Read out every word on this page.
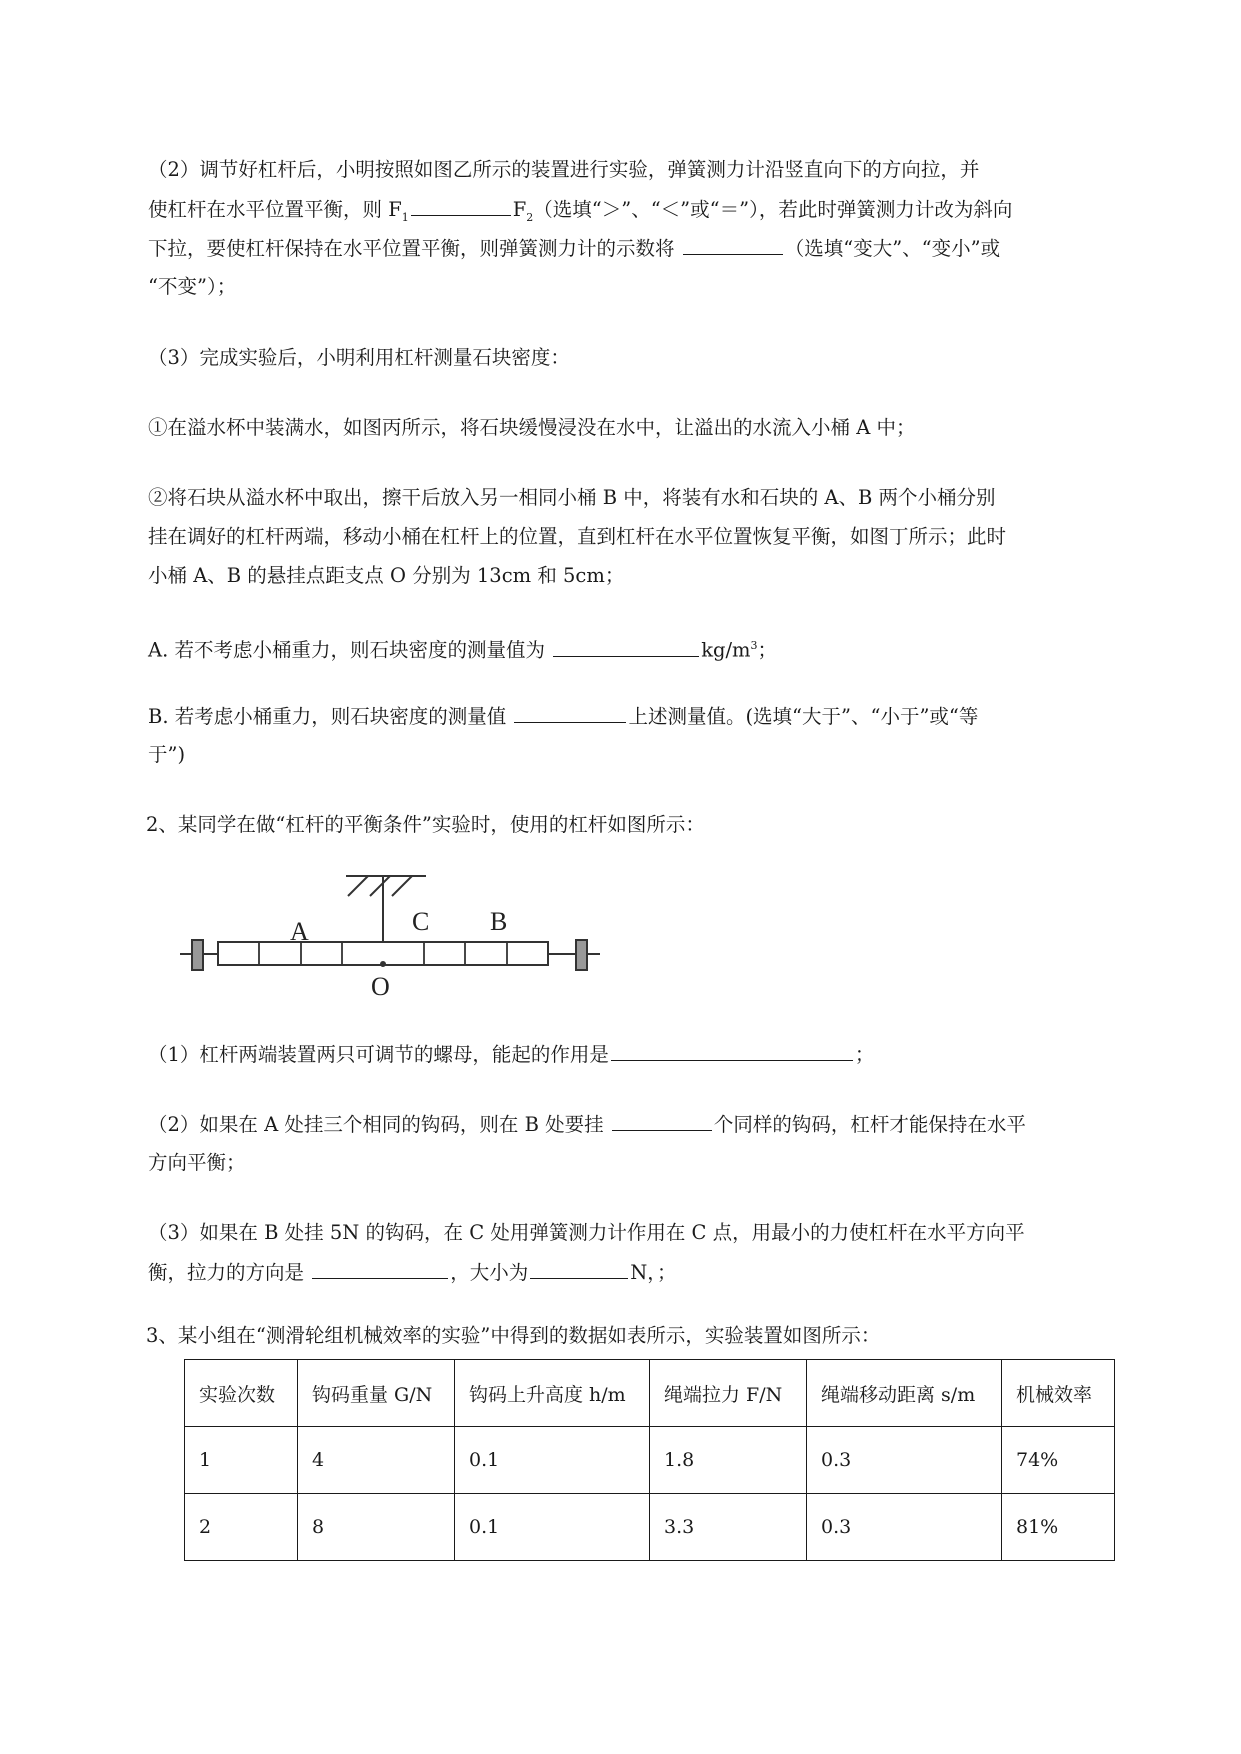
（2）调节好杠杆后，小明按照如图乙所示的装置进行实验，弹簧测力计沿竖直向下的方向拉，并
使杠杆在水平位置平衡，则 $F_1$	$F_2$（选填“＞”、“＜”或“＝”），若此时弹簧测力计改为斜向
下拉，要使杠杆保持在水平位置平衡，则弹簧测力计的示数将	（选填“变大”、“变小”或
“不变”）；
（3）完成实验后，小明利用杠杆测量石块密度：
①在溢水杯中装满水，如图丙所示，将石块缓慢浸没在水中，让溢出的水流入小桶 A 中；
②将石块从溢水杯中取出，擦干后放入另一相同小桶 B 中，将装有水和石块的 A、B 两个小桶分别
挂在调好的杠杆两端，移动小桶在杠杆上的位置，直到杠杆在水平位置恢复平衡，如图丁所示；此时
小桶 A、B 的悬挂点距支点 O 分别为 13cm 和 5cm；
A. 若不考虑小桶重力，则石块密度的测量值为	$kg/m^3$；
B. 若考虑小桶重力，则石块密度的测量值	上述测量值。(选填“大于”、“小于”或“等
于”)
2、某同学在做“杠杆的平衡条件”实验时，使用的杠杆如图所示：
A	C B
O
（1）杠杆两端装置两只可调节的螺母，能起的作用是	；
（2）如果在 A 处挂三个相同的钩码，则在 B 处要挂	个同样的钩码，杠杆才能保持在水平
方向平衡；
（3）如果在 B 处挂 5N 的钩码，在 C 处用弹簧测力计作用在 C 点，用最小的力使杠杆在水平方向平
衡，拉力的方向是	，大小为	N，；
3、某小组在“测滑轮组机械效率的实验”中得到的数据如表所示，实验装置如图所示：
实验次数	钩码重量 G/N	钩码上升高度 h/m	绳端拉力 F/N	绳端移动距离 s/m	机械效率
1	4	0.1	1.8	0.3	74%
2	8	0.1	3.3	0.3	81%
